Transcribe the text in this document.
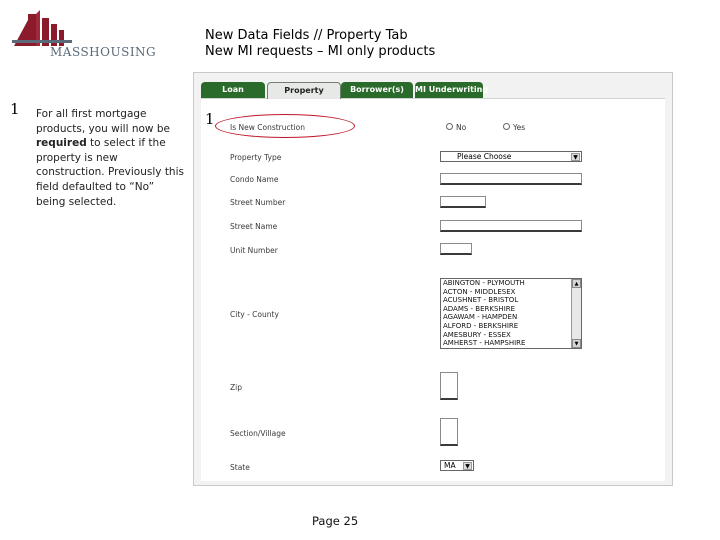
MASSHOUSING
New Data Fields // Property Tab
New MI requests – MI only products
1 For all first mortgage products, you will now be required to select if the property is new construction. Previously this field defaulted to “No” being selected.
Loan	Property	Borrower(s)	MI Underwriting
1 Is New Construction	No	Yes
Property Type	Please Choose	▼
Condo Name
Street Number
Street Name
Unit Number
City - County
ABINGTON - PLYMOUTH
ACTON - MIDDLESEX
ACUSHNET - BRISTOL
ADAMS - BERKSHIRE
AGAWAM - HAMPDEN
ALFORD - BERKSHIRE
AMESBURY - ESSEX
AMHERST - HAMPSHIRE
▲
▼
Zip
Section/Village
State	MA	▼
Page 25
